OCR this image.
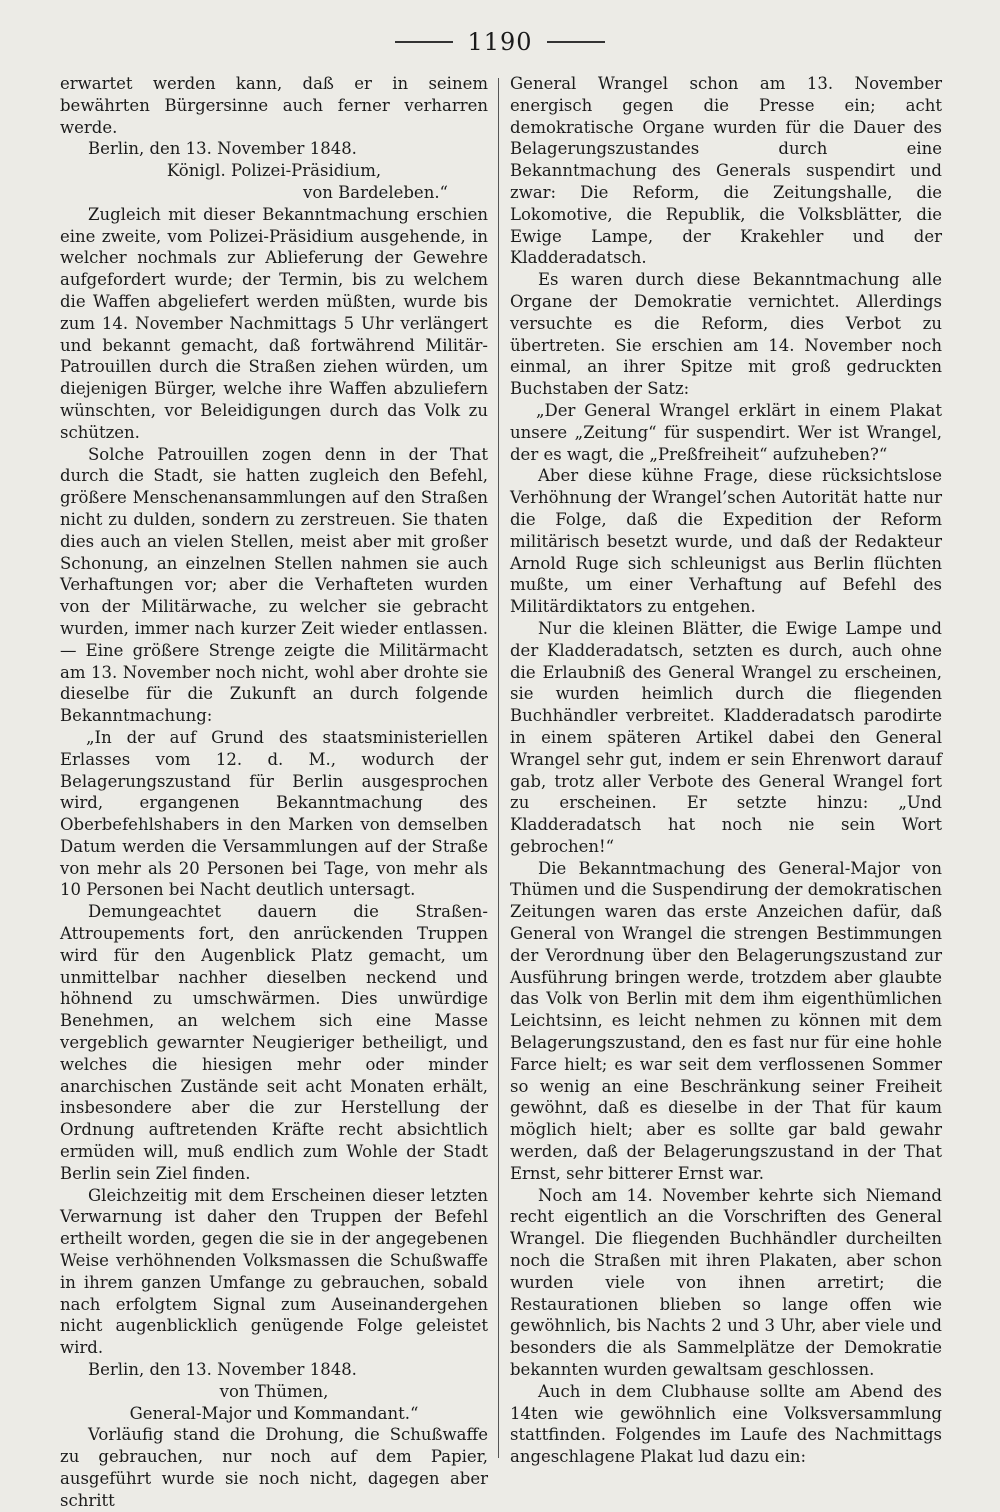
1190

erwartet werden kann, daß er in seinem bewährten Bürgersinne auch ferner verharren werde.

Berlin, den 13. November 1848.

Königl. Polizei-Präsidium,

von Bardeleben.“

Zugleich mit dieser Bekanntmachung erschien eine zweite, vom Polizei-Präsidium ausgehende, in welcher nochmals zur Ablieferung der Gewehre aufgefordert wurde; der Termin, bis zu welchem die Waffen abgeliefert werden müßten, wurde bis zum 14. November Nachmittags 5 Uhr verlängert und bekannt gemacht, daß fortwährend Militär-Patrouillen durch die Straßen ziehen würden, um diejenigen Bürger, welche ihre Waffen abzuliefern wünschten, vor Beleidigungen durch das Volk zu schützen.

Solche Patrouillen zogen denn in der That durch die Stadt, sie hatten zugleich den Befehl, größere Menschenansammlungen auf den Straßen nicht zu dulden, sondern zu zerstreuen. Sie thaten dies auch an vielen Stellen, meist aber mit großer Schonung, an einzelnen Stellen nahmen sie auch Verhaftungen vor; aber die Verhafteten wurden von der Militärwache, zu welcher sie gebracht wurden, immer nach kurzer Zeit wieder entlassen. — Eine größere Strenge zeigte die Militärmacht am 13. November noch nicht, wohl aber drohte sie dieselbe für die Zukunft an durch folgende Bekanntmachung:

„In der auf Grund des staatsministeriellen Erlasses vom 12. d. M., wodurch der Belagerungszustand für Berlin ausgesprochen wird, ergangenen Bekanntmachung des Oberbefehlshabers in den Marken von demselben Datum werden die Versammlungen auf der Straße von mehr als 20 Personen bei Tage, von mehr als 10 Personen bei Nacht deutlich untersagt.

Demungeachtet dauern die Straßen-Attroupements fort, den anrückenden Truppen wird für den Augenblick Platz gemacht, um unmittelbar nachher dieselben neckend und höhnend zu umschwärmen. Dies unwürdige Benehmen, an welchem sich eine Masse vergeblich gewarnter Neugieriger betheiligt, und welches die hiesigen mehr oder minder anarchischen Zustände seit acht Monaten erhält, insbesondere aber die zur Herstellung der Ordnung auftretenden Kräfte recht absichtlich ermüden will, muß endlich zum Wohle der Stadt Berlin sein Ziel finden.

Gleichzeitig mit dem Erscheinen dieser letzten Verwarnung ist daher den Truppen der Befehl ertheilt worden, gegen die sie in der angegebenen Weise verhöhnenden Volksmassen die Schußwaffe in ihrem ganzen Umfange zu gebrauchen, sobald nach erfolgtem Signal zum Auseinandergehen nicht augenblicklich genügende Folge geleistet wird.

Berlin, den 13. November 1848.

von Thümen,

General-Major und Kommandant.“

Vorläufig stand die Drohung, die Schußwaffe zu gebrauchen, nur noch auf dem Papier, ausgeführt wurde sie noch nicht, dagegen aber schritt

General Wrangel schon am 13. November energisch gegen die Presse ein; acht demokratische Organe wurden für die Dauer des Belagerungszustandes durch eine Bekanntmachung des Generals suspendirt und zwar: Die Reform, die Zeitungshalle, die Lokomotive, die Republik, die Volksblätter, die Ewige Lampe, der Krakehler und der Kladderadatsch.

Es waren durch diese Bekanntmachung alle Organe der Demokratie vernichtet. Allerdings versuchte es die Reform, dies Verbot zu übertreten. Sie erschien am 14. November noch einmal, an ihrer Spitze mit groß gedruckten Buchstaben der Satz:

„Der General Wrangel erklärt in einem Plakat unsere „Zeitung“ für suspendirt. Wer ist Wrangel, der es wagt, die „Preßfreiheit“ aufzuheben?“

Aber diese kühne Frage, diese rücksichtslose Verhöhnung der Wrangel’schen Autorität hatte nur die Folge, daß die Expedition der Reform militärisch besetzt wurde, und daß der Redakteur Arnold Ruge sich schleunigst aus Berlin flüchten mußte, um einer Verhaftung auf Befehl des Militärdiktators zu entgehen.

Nur die kleinen Blätter, die Ewige Lampe und der Kladderadatsch, setzten es durch, auch ohne die Erlaubniß des General Wrangel zu erscheinen, sie wurden heimlich durch die fliegenden Buchhändler verbreitet. Kladderadatsch parodirte in einem späteren Artikel dabei den General Wrangel sehr gut, indem er sein Ehrenwort darauf gab, trotz aller Verbote des General Wrangel fort zu erscheinen. Er setzte hinzu: „Und Kladderadatsch hat noch nie sein Wort gebrochen!“

Die Bekanntmachung des General-Major von Thümen und die Suspendirung der demokratischen Zeitungen waren das erste Anzeichen dafür, daß General von Wrangel die strengen Bestimmungen der Verordnung über den Belagerungszustand zur Ausführung bringen werde, trotzdem aber glaubte das Volk von Berlin mit dem ihm eigenthümlichen Leichtsinn, es leicht nehmen zu können mit dem Belagerungszustand, den es fast nur für eine hohle Farce hielt; es war seit dem verflossenen Sommer so wenig an eine Beschränkung seiner Freiheit gewöhnt, daß es dieselbe in der That für kaum möglich hielt; aber es sollte gar bald gewahr werden, daß der Belagerungszustand in der That Ernst, sehr bitterer Ernst war.

Noch am 14. November kehrte sich Niemand recht eigentlich an die Vorschriften des General Wrangel. Die fliegenden Buchhändler durcheilten noch die Straßen mit ihren Plakaten, aber schon wurden viele von ihnen arretirt; die Restaurationen blieben so lange offen wie gewöhnlich, bis Nachts 2 und 3 Uhr, aber viele und besonders die als Sammelplätze der Demokratie bekannten wurden gewaltsam geschlossen.

Auch in dem Clubhause sollte am Abend des 14ten wie gewöhnlich eine Volksversammlung stattfinden. Folgendes im Laufe des Nachmittags angeschlagene Plakat lud dazu ein:
